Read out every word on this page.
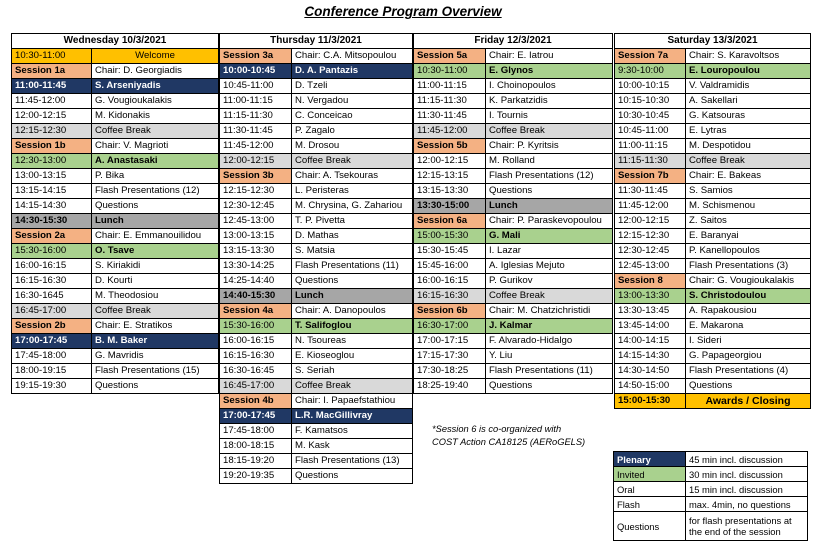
Conference Program Overview
Wednesday 10/3/2021	
10:30-11:00	Welcome
Session 1a	Chair: D. Georgiadis
11:00-11:45	S. Arseniyadis
11:45-12:00	G. Vougioukalakis
12:00-12:15	M. Kidonakis
12:15-12:30	Coffee Break
Session 1b	Chair: V. Magrioti
12:30-13:00	A. Anastasaki
13:00-13:15	P. Bika
13:15-14:15	Flash Presentations (12)
14:15-14:30	Questions
14:30-15:30	Lunch
Session 2a	Chair: E. Emmanouilidou
15:30-16:00	O. Tsave
16:00-16:15	S. Kiriakidi
16:15-16:30	D. Kourti
16:30-1645	M. Theodosiou
16:45-17:00	Coffee Break
Session 2b	Chair: E. Stratikos
17:00-17:45	B. M. Baker
17:45-18:00	G. Mavridis
18:00-19:15	Flash Presentations (15)
19:15-19:30	Questions
Thursday 11/3/2021	
Session 3a	Chair: C.A. Mitsopoulou
10:00-10:45	D. A. Pantazis
10:45-11:00	D. Tzeli
11:00-11:15	N. Vergadou
11:15-11:30	C. Conceicao
11:30-11:45	P. Zagalo
11:45-12:00	M. Drosou
12:00-12:15	Coffee Break
Session 3b	Chair: A. Tsekouras
12:15-12:30	L. Peristeras
12:30-12:45	M. Chrysina, G. Zahariou
12:45-13:00	T. P. Pivetta
13:00-13:15	D. Mathas
13:15-13:30	S. Matsia
13:30-14:25	Flash Presentations (11)
14:25-14:40	Questions
14:40-15:30	Lunch
Session 4a	Chair: A. Danopoulos
15:30-16:00	T. Salifoglou
16:00-16:15	N. Tsoureas
16:15-16:30	E. Kioseoglou
16:30-16:45	S. Seriah
16:45-17:00	Coffee Break
Session 4b	Chair: I. Papaefstathiou
17:00-17:45	L.R. MacGillivray
17:45-18:00	F. Kamatsos
18:00-18:15	M. Kask
18:15-19:20	Flash Presentations (13)
19:20-19:35	Questions
Friday 12/3/2021	
Session 5a	Chair: E. Iatrou
10:30-11:00	E. Glynos
11:00-11:15	I. Choinopoulos
11:15-11:30	K. Parkatzidis
11:30-11:45	I. Tournis
11:45-12:00	Coffee Break
Session 5b	Chair: P. Kyritsis
12:00-12:15	M. Rolland
12:15-13:15	Flash Presentations (12)
13:15-13:30	Questions
13:30-15:00	Lunch
Session 6a	Chair: P. Paraskevopoulou
15:00-15:30	G. Mali
15:30-15:45	I. Lazar
15:45-16:00	A. Iglesias Mejuto
16:00-16:15	P. Gurikov
16:15-16:30	Coffee Break
Session 6b	Chair: M. Chatzichristidi
16:30-17:00	J. Kalmar
17:00-17:15	F. Alvarado-Hidalgo
17:15-17:30	Y. Liu
17:30-18:25	Flash Presentations (11)
18:25-19:40	Questions
Saturday 13/3/2021	
Session 7a	Chair: S. Karavoltsos
9:30-10:00	E. Louropoulou
10:00-10:15	V. Valdramidis
10:15-10:30	A. Sakellari
10:30-10:45	G. Katsouras
10:45-11:00	E. Lytras
11:00-11:15	M. Despotidou
11:15-11:30	Coffee Break
Session 7b	Chair: E. Bakeas
11:30-11:45	S. Samios
11:45-12:00	M. Schismenou
12:00-12:15	Z. Saitos
12:15-12:30	E. Baranyai
12:30-12:45	P. Kanellopoulos
12:45-13:00	Flash Presentations (3)
Session 8	Chair: G. Vougioukalakis
13:00-13:30	S. Christodoulou
13:30-13:45	A. Rapakousiou
13:45-14:00	E. Makarona
14:00-14:15	I. Sideri
14:15-14:30	G. Papageorgiou
14:30-14:50	Flash Presentations (4)
14:50-15:00	Questions
15:00-15:30	Awards / Closing
*Session 6 is co-organized with
COST Action CA18125 (AERoGELS)
Plenary	45 min incl. discussion
Invited	30 min incl. discussion
Oral	15 min incl. discussion
Flash	max. 4min, no questions
Questions	for flash presentations at the end of the session
